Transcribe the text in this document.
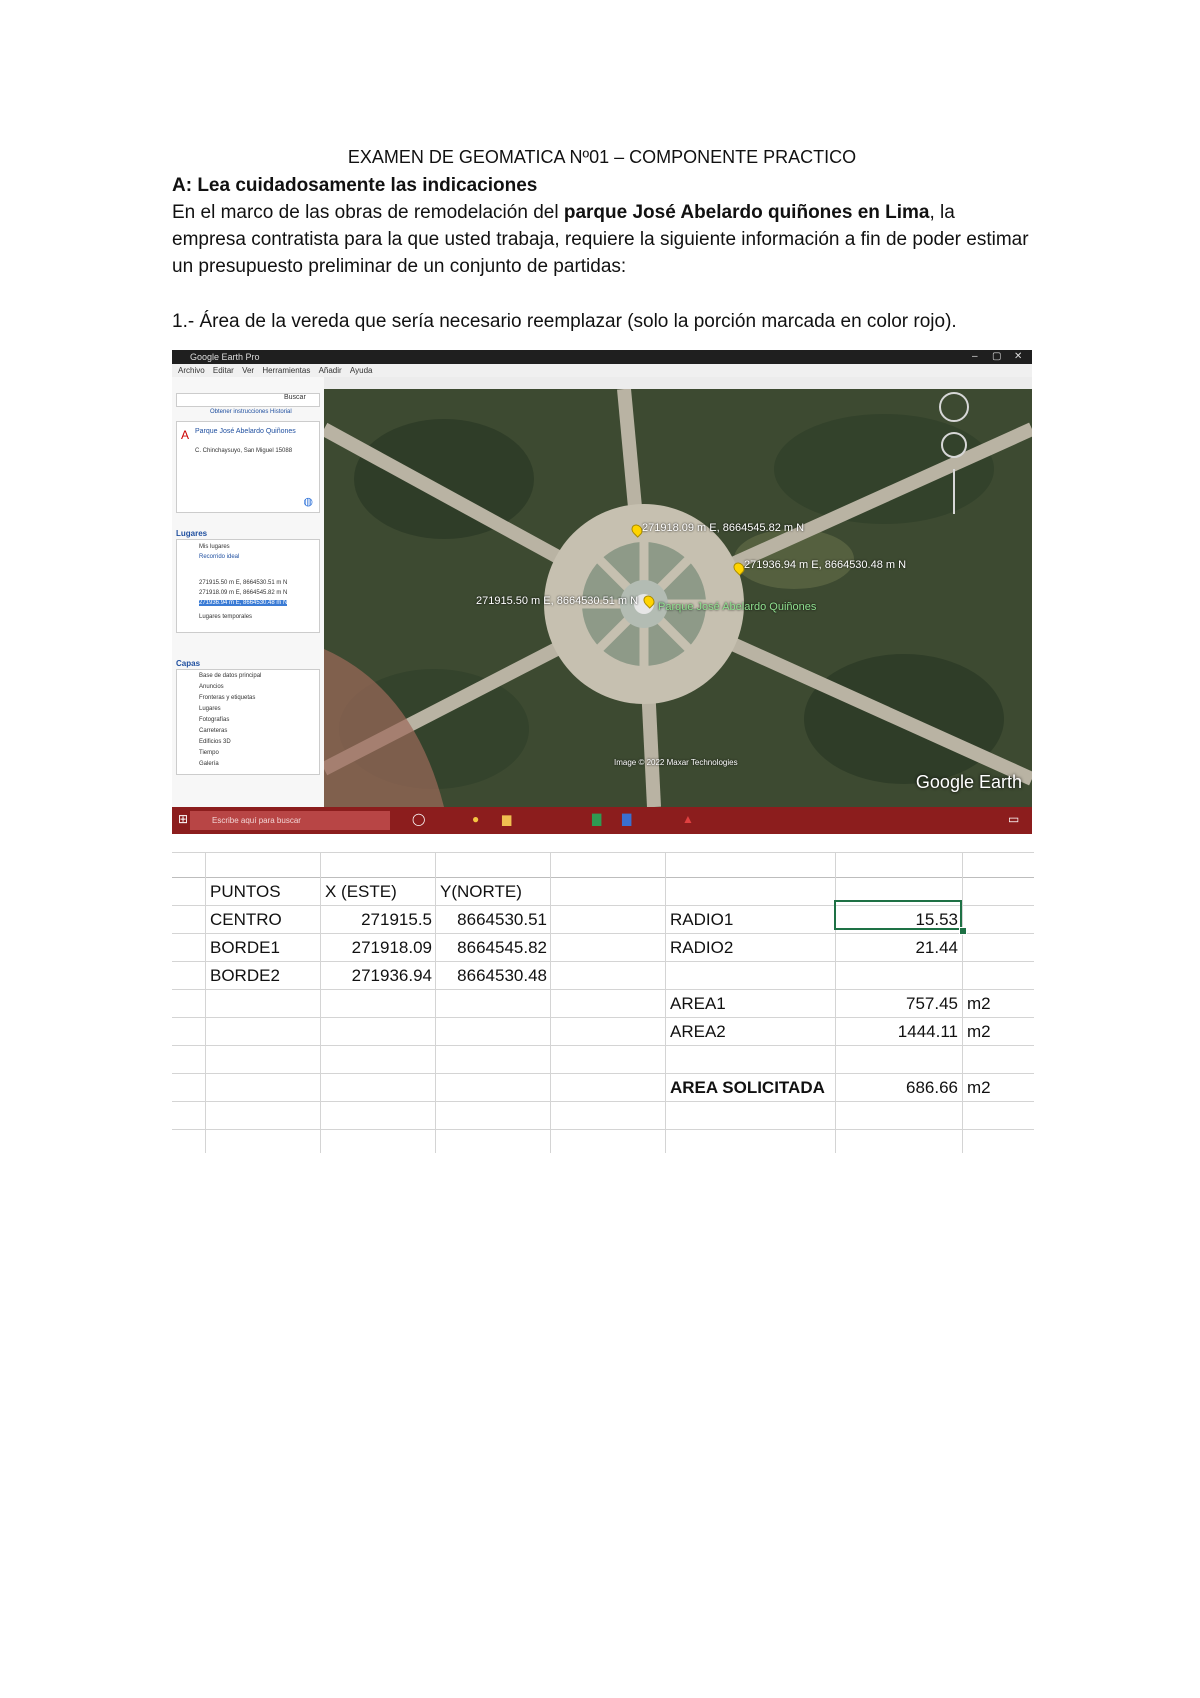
EXAMEN DE GEOMATICA Nº01 – COMPONENTE PRACTICO
A: Lea cuidadosamente las indicaciones
En el marco de las obras de remodelación del parque José Abelardo quiñones en Lima, la empresa contratista para la que usted trabaja, requiere la siguiente información a fin de poder estimar un presupuesto preliminar de un conjunto de partidas:
1.- Área de la vereda que sería necesario reemplazar (solo la porción marcada en color rojo).
Google Earth Pro	– ▢ ✕
Archivo Editar Ver Herramientas Añadir Ayuda
Buscar
Obtener instrucciones Historial
A Parque José Abelardo Quiñones
C. Chinchaysuyo, San Miguel 15088
◍
Lugares
Mis lugares
Recorrido ideal
271915.50 m E, 8664530.51 m N
271918.09 m E, 8664545.82 m N
271936.94 m E, 8664530.48 m N
Lugares temporales
Capas
Base de datos principal
Anuncios
Fronteras y etiquetas
Lugares
Fotografías
Carreteras
Edificios 3D
Tiempo
Galería
271918.09 m E, 8664545.82 m N
271936.94 m E, 8664530.48 m N
271915.50 m E, 8664530.51 m N Parque José Abelardo Quiñones
Image © 2022 Maxar Technologies
Google Earth
⊞	Escribe aquí para buscar	◯	● ▆	▇ ▇	▲	▭
PUNTOS	X (ESTE)	Y(NORTE)
CENTRO	271915.5	8664530.51
BORDE1	271918.09	8664545.82
BORDE2	271936.94	8664530.48
RADIO1	15.53
RADIO2	21.44
AREA1	757.45 m2
AREA2	1444.11 m2
AREA SOLICITADA	686.66 m2
